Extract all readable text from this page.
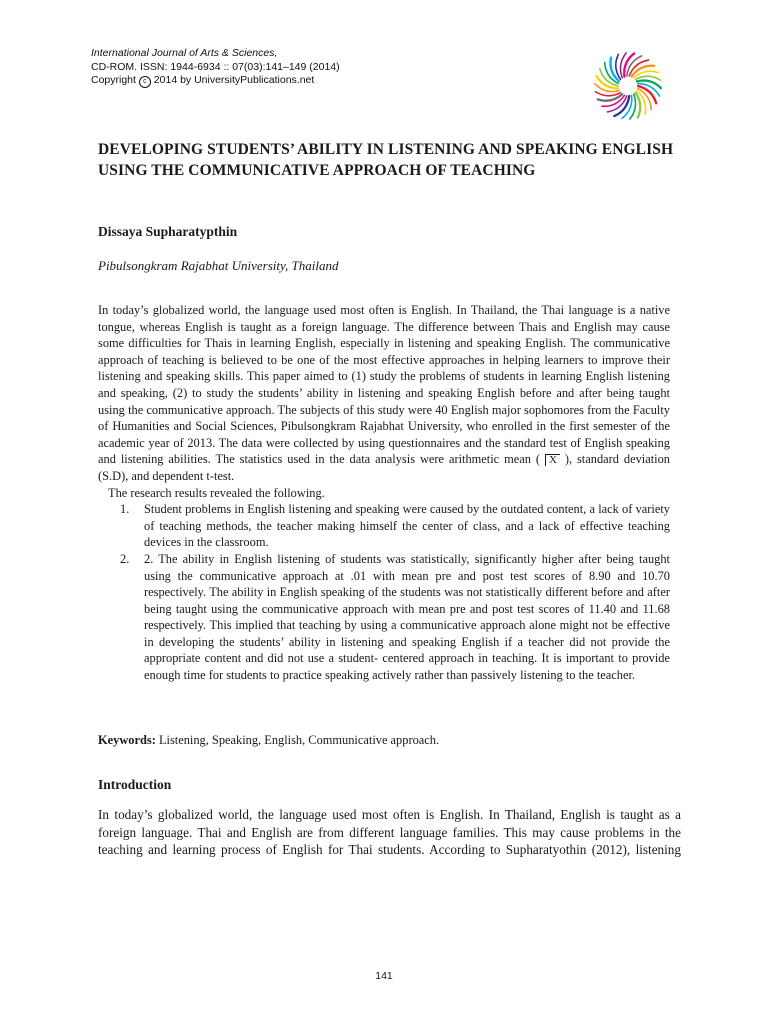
International Journal of Arts & Sciences,
CD-ROM. ISSN: 1944-6934 :: 07(03):141–149 (2014)
Copyright c 2014 by UniversityPublications.net
DEVELOPING STUDENTS’ ABILITY IN LISTENING AND SPEAKING ENGLISH USING THE COMMUNICATIVE APPROACH OF TEACHING
Dissaya Supharatypthin
Pibulsongkram Rajabhat University, Thailand

In today’s globalized world, the language used most often is English. In Thailand, the Thai language is a native tongue, whereas English is taught as a foreign language. The difference between Thais and English may cause some difficulties for Thais in learning English, especially in listening and speaking English. The communicative approach of teaching is believed to be one of the most effective approaches in helping learners to improve their listening and speaking skills. This paper aimed to (1) study the problems of students in learning English listening and speaking, (2) to study the students’ ability in listening and speaking English before and after being taught using the communicative approach. The subjects of this study were 40 English major sophomores from the Faculty of Humanities and Social Sciences, Pibulsongkram Rajabhat University, who enrolled in the first semester of the academic year of 2013. The data were collected by using questionnaires and the standard test of English speaking and listening abilities. The statistics used in the data analysis were arithmetic mean ( X ), standard deviation (S.D), and dependent t-test.

The research results revealed the following.

1. Student problems in English listening and speaking were caused by the outdated content, a lack of variety of teaching methods, the teacher making himself the center of class, and a lack of effective teaching devices in the classroom.
2. 2. The ability in English listening of students was statistically, significantly higher after being taught using the communicative approach at .01 with mean pre and post test scores of 8.90 and 10.70 respectively. The ability in English speaking of the students was not statistically different before and after being taught using the communicative approach with mean pre and post test scores of 11.40 and 11.68 respectively. This implied that teaching by using a communicative approach alone might not be effective in developing the students’ ability in listening and speaking English if a teacher did not provide the appropriate content and did not use a student- centered approach in teaching. It is important to provide enough time for students to practice speaking actively rather than passively listening to the teacher.
Keywords: Listening, Speaking, English, Communicative approach.
Introduction

In today’s globalized world, the language used most often is English. In Thailand, English is taught as a foreign language. Thai and English are from different language families. This may cause problems in the teaching and learning process of English for Thai students. According to Supharatyothin (2012), listening

141
